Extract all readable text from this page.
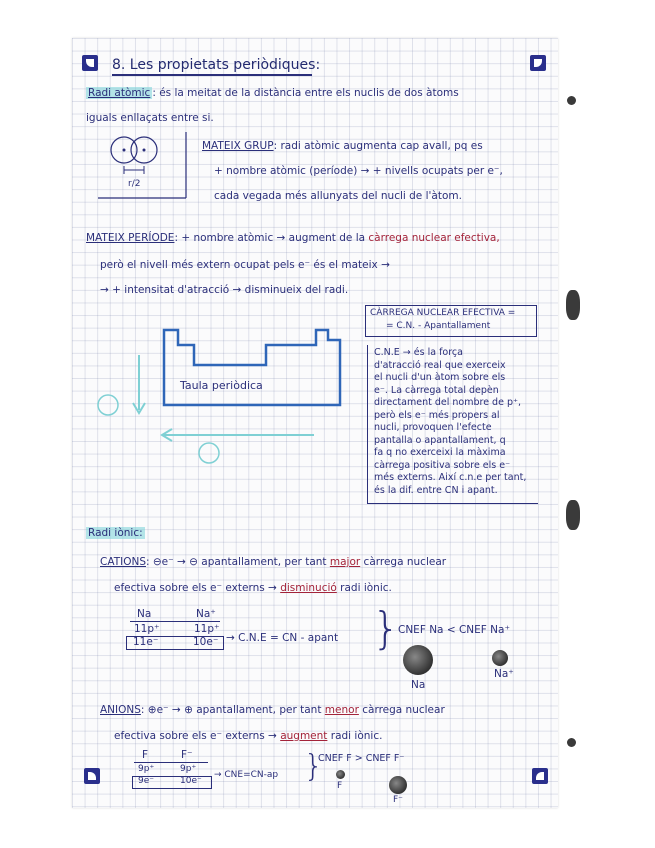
8. Les propietats periòdiques:
Radi atòmic : és la meitat de la distància entre els nuclis de dos àtoms
iguals enllaçats entre si.
r/2
MATEIX GRUP: radi atòmic augmenta cap avall, pq es
+ nombre atòmic (període) → + nivells ocupats per e⁻,
cada vegada més allunyats del nucli de l'àtom.
MATEIX PERÍODE: + nombre atòmic → augment de la càrrega nuclear efectiva,
però el nivell més extern ocupat pels e⁻ és el mateix →
→ + intensitat d'atracció → disminueix del radi.
CÀRREGA NUCLEAR EFECTIVA =
= C.N. - Apantallament
Taula periòdica
C.N.E → és la força
d'atracció real que exerceix
el nucli d'un àtom sobre els
e⁻. La càrrega total depèn
directament del nombre de p⁺,
però els e⁻ més propers al
nucli, provoquen l'efecte
pantalla o apantallament, q
fa q no exerceixi la màxima
càrrega positiva sobre els e⁻
més externs. Així c.n.e per tant,
és la dif. entre CN i apant.
Radi iònic:
CATIONS: ⊖e⁻ → ⊖ apantallament, per tant major càrrega nuclear
efectiva sobre els e⁻ externs → disminució radi iònic.
Na	Na⁺
11p⁺	11p⁺
11e⁻	10e⁻ → C.N.E = CN - apant }
CNEF Na < CNEF Na⁺
Na
Na⁺
ANIONS: ⊕e⁻ → ⊕ apantallament, per tant menor càrrega nuclear
efectiva sobre els e⁻ externs → augment radi iònic.
F	F⁻
9p⁺	9p⁺
9e⁻	10e⁻
→ CNE=CN-ap }
CNEF F > CNEF F⁻
F
F⁻
